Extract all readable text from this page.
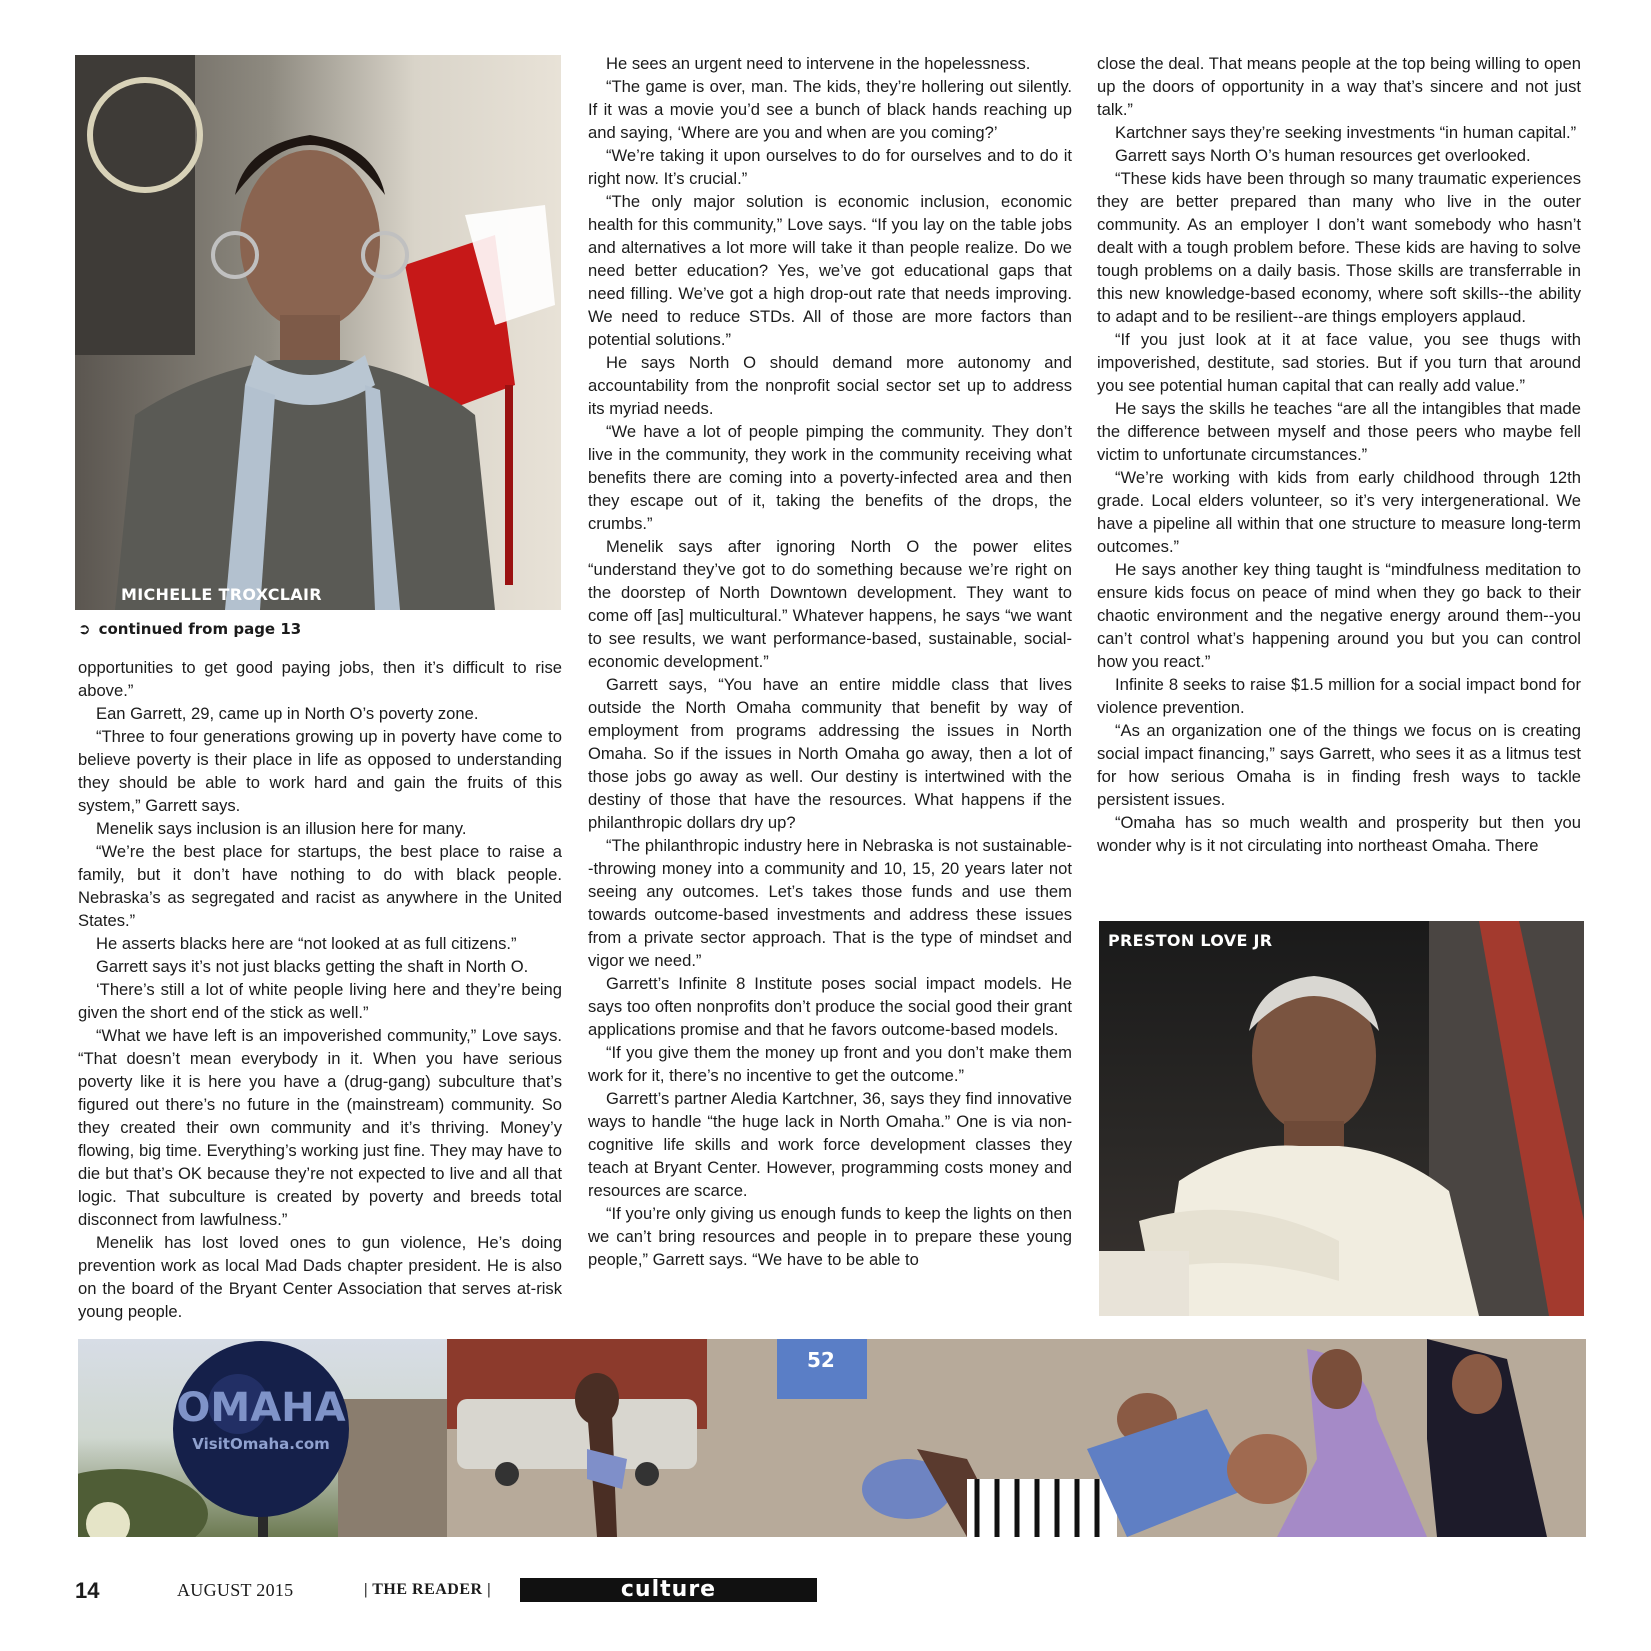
MICHELLE TROXCLAIR
➲ continued from page 13

opportunities to get good paying jobs, then it’s difficult to rise above.”

Ean Garrett, 29, came up in North O’s poverty zone.

“Three to four generations growing up in poverty have come to believe poverty is their place in life as opposed to understanding they should be able to work hard and gain the fruits of this system,” Garrett says.

Menelik says inclusion is an illusion here for many.

“We’re the best place for startups, the best place to raise a family, but it don’t have nothing to do with black people. Nebraska’s as segregated and racist as anywhere in the United States.”

He asserts blacks here are “not looked at as full citizens.”

Garrett says it’s not just blacks getting the shaft in North O.

‘There’s still a lot of white people living here and they’re being given the short end of the stick as well.”

“What we have left is an impoverished community,” Love says. “That doesn’t mean everybody in it. When you have serious poverty like it is here you have a (drug-gang) subculture that’s figured out there’s no future in the (mainstream) community. So they created their own community and it’s thriving. Money’y flowing, big time. Everything’s working just fine. They may have to die but that’s OK because they’re not expected to live and all that logic. That subculture is created by poverty and breeds total disconnect from lawfulness.”

Menelik has lost loved ones to gun violence, He’s doing prevention work as local Mad Dads chapter president. He is also on the board of the Bryant Center Association that serves at-risk young people.

He sees an urgent need to intervene in the hopelessness.

“The game is over, man. The kids, they’re hollering out silently. If it was a movie you’d see a bunch of black hands reaching up and saying, ‘Where are you and when are you coming?’

“We’re taking it upon ourselves to do for ourselves and to do it right now. It’s crucial.”

“The only major solution is economic inclusion, economic health for this community,” Love says. “If you lay on the table jobs and alternatives a lot more will take it than people realize. Do we need better education? Yes, we’ve got educational gaps that need filling. We’ve got a high drop-out rate that needs improving. We need to reduce STDs. All of those are more factors than potential solutions.”

He says North O should demand more autonomy and accountability from the nonprofit social sector set up to address its myriad needs.

“We have a lot of people pimping the community. They don’t live in the community, they work in the community receiving what benefits there are coming into a poverty-infected area and then they escape out of it, taking the benefits of the drops, the crumbs.”

Menelik says after ignoring North O the power elites “understand they’ve got to do something because we’re right on the doorstep of North Downtown development. They want to come off [as] multicultural.” Whatever happens, he says “we want to see results, we want performance-based, sustainable, social-economic development.”

Garrett says, “You have an entire middle class that lives outside the North Omaha community that benefit by way of employment from programs addressing the issues in North Omaha. So if the issues in North Omaha go away, then a lot of those jobs go away as well. Our destiny is intertwined with the destiny of those that have the resources. What happens if the philanthropic dollars dry up?

“The philanthropic industry here in Nebraska is not sustainable--throwing money into a community and 10, 15, 20 years later not seeing any outcomes. Let’s takes those funds and use them towards outcome-based investments and address these issues from a private sector approach. That is the type of mindset and vigor we need.”

Garrett’s Infinite 8 Institute poses social impact models. He says too often nonprofits don’t produce the social good their grant applications promise and that he favors outcome-based models.

“If you give them the money up front and you don’t make them work for it, there’s no incentive to get the outcome.”

Garrett’s partner Aledia Kartchner, 36, says they find innovative ways to handle “the huge lack in North Omaha.” One is via non-cognitive life skills and work force development classes they teach at Bryant Center. However, programming costs money and resources are scarce.

“If you’re only giving us enough funds to keep the lights on then we can’t bring resources and people in to prepare these young people,” Garrett says. “We have to be able to

close the deal. That means people at the top being willing to open up the doors of opportunity in a way that’s sincere and not just talk.”

Kartchner says they’re seeking investments “in human capital.”

Garrett says North O’s human resources get overlooked.

“These kids have been through so many traumatic experiences they are better prepared than many who live in the outer community. As an employer I don’t want somebody who hasn’t dealt with a tough problem before. These kids are having to solve tough problems on a daily basis. Those skills are transferrable in this new knowledge-based economy, where soft skills--the ability to adapt and to be resilient--are things employers applaud.

“If you just look at it at face value, you see thugs with impoverished, destitute, sad stories. But if you turn that around you see potential human capital that can really add value.”

He says the skills he teaches “are all the intangibles that made the difference between myself and those peers who maybe fell victim to unfortunate circumstances.”

“We’re working with kids from early childhood through 12th grade. Local elders volunteer, so it’s very intergenerational. We have a pipeline all within that one structure to measure long-term outcomes.”

He says another key thing taught is “mindfulness meditation to ensure kids focus on peace of mind when they go back to their chaotic environment and the negative energy around them--you can’t control what’s happening around you but you can control how you react.”

Infinite 8 seeks to raise $1.5 million for a social impact bond for violence prevention.

“As an organization one of the things we focus on is creating social impact financing,” says Garrett, who sees it as a litmus test for how serious Omaha is in finding fresh ways to tackle persistent issues.

“Omaha has so much wealth and prosperity but then you wonder why is it not circulating into northeast Omaha. There

PRESTON LOVE JR
OMAHA
VisitOmaha.com
52
14	AUGUST 2015	| THE READER |	culture
